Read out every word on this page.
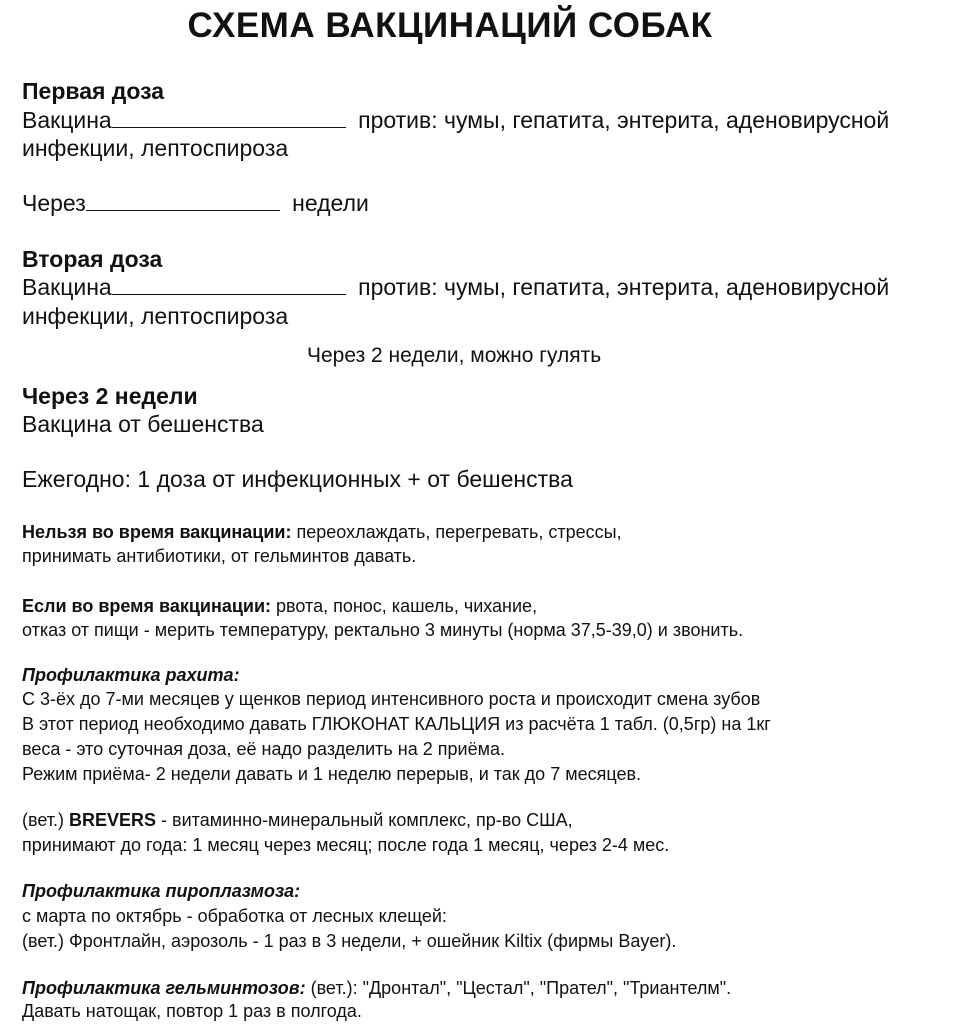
СХЕМА ВАКЦИНАЦИЙ СОБАК
Первая доза
Вакцина	против: чумы, гепатита, энтерита, аденовирусной
инфекции, лептоспироза
Через	недели
Вторая доза
Вакцина	против: чумы, гепатита, энтерита, аденовирусной
инфекции, лептоспироза
Через 2 недели, можно гулять
Через 2 недели
Вакцина от бешенства
Ежегодно: 1 доза от инфекционных + от бешенства
Нельзя во время вакцинации: переохлаждать, перегревать, стрессы,
принимать антибиотики, от гельминтов давать.
Если во время вакцинации: рвота, понос, кашель, чихание,
отказ от пищи - мерить температуру, ректально 3 минуты (норма 37,5-39,0) и звонить.
Профилактика рахита:
С 3-ёх до 7-ми месяцев у щенков период интенсивного роста и происходит смена зубов
В этот период необходимо давать ГЛЮКОНАТ КАЛЬЦИЯ из расчёта 1 табл. (0,5гр) на 1кг
веса - это суточная доза, её надо разделить на 2 приёма.
Режим приёма- 2 недели давать и 1 неделю перерыв, и так до 7 месяцев.
(вет.) BREVERS - витаминно-минеральный комплекс, пр-во США,
принимают до года: 1 месяц через месяц; после года 1 месяц, через 2-4 мес.
Профилактика пироплазмоза:
с марта по октябрь - обработка от лесных клещей:
(вет.) Фронтлайн, аэрозоль - 1 раз в 3 недели, + ошейник Kiltix (фирмы Bayer).
Профилактика гельминтозов: (вет.): "Дронтал", "Цестал", "Прател", "Триантелм".
Давать натощак, повтор 1 раз в полгода.
